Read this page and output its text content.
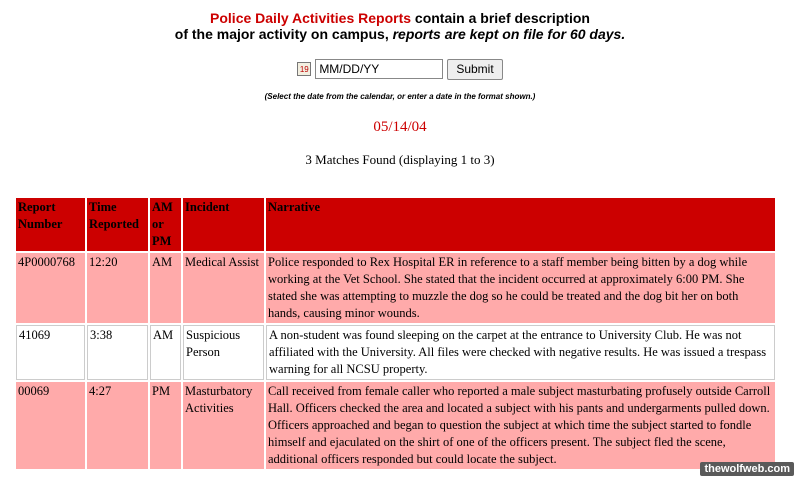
Police Daily Activities Reports contain a brief description
of the major activity on campus, reports are kept on file for 60 days.
19
MM/DD/YY	Submit
(Select the date from the calendar, or enter a date in the format shown.)
05/14/04
3 Matches Found (displaying 1 to 3)
Report Number	Time Reported	AM or PM	Incident	Narrative
4P0000768	12:20	AM	Medical Assist	Police responded to Rex Hospital ER in reference to a staff member being bitten by a dog while working at the Vet School. She stated that the incident occurred at approximately 6:00 PM. She stated she was attempting to muzzle the dog so he could be treated and the dog bit her on both hands, causing minor wounds.
41069	3:38	AM	Suspicious Person	A non-student was found sleeping on the carpet at the entrance to University Club. He was not affiliated with the University. All files were checked with negative results. He was issued a trespass warning for all NCSU property.
00069	4:27	PM	Masturbatory Activities	Call received from female caller who reported a male subject masturbating profusely outside Carroll Hall. Officers checked the area and located a subject with his pants and undergarments pulled down. Officers approached and began to question the subject at which time the subject started to fondle himself and ejaculated on the shirt of one of the officers present. The subject fled the scene, additional officers responded but could locate the subject.
thewolfweb.com
